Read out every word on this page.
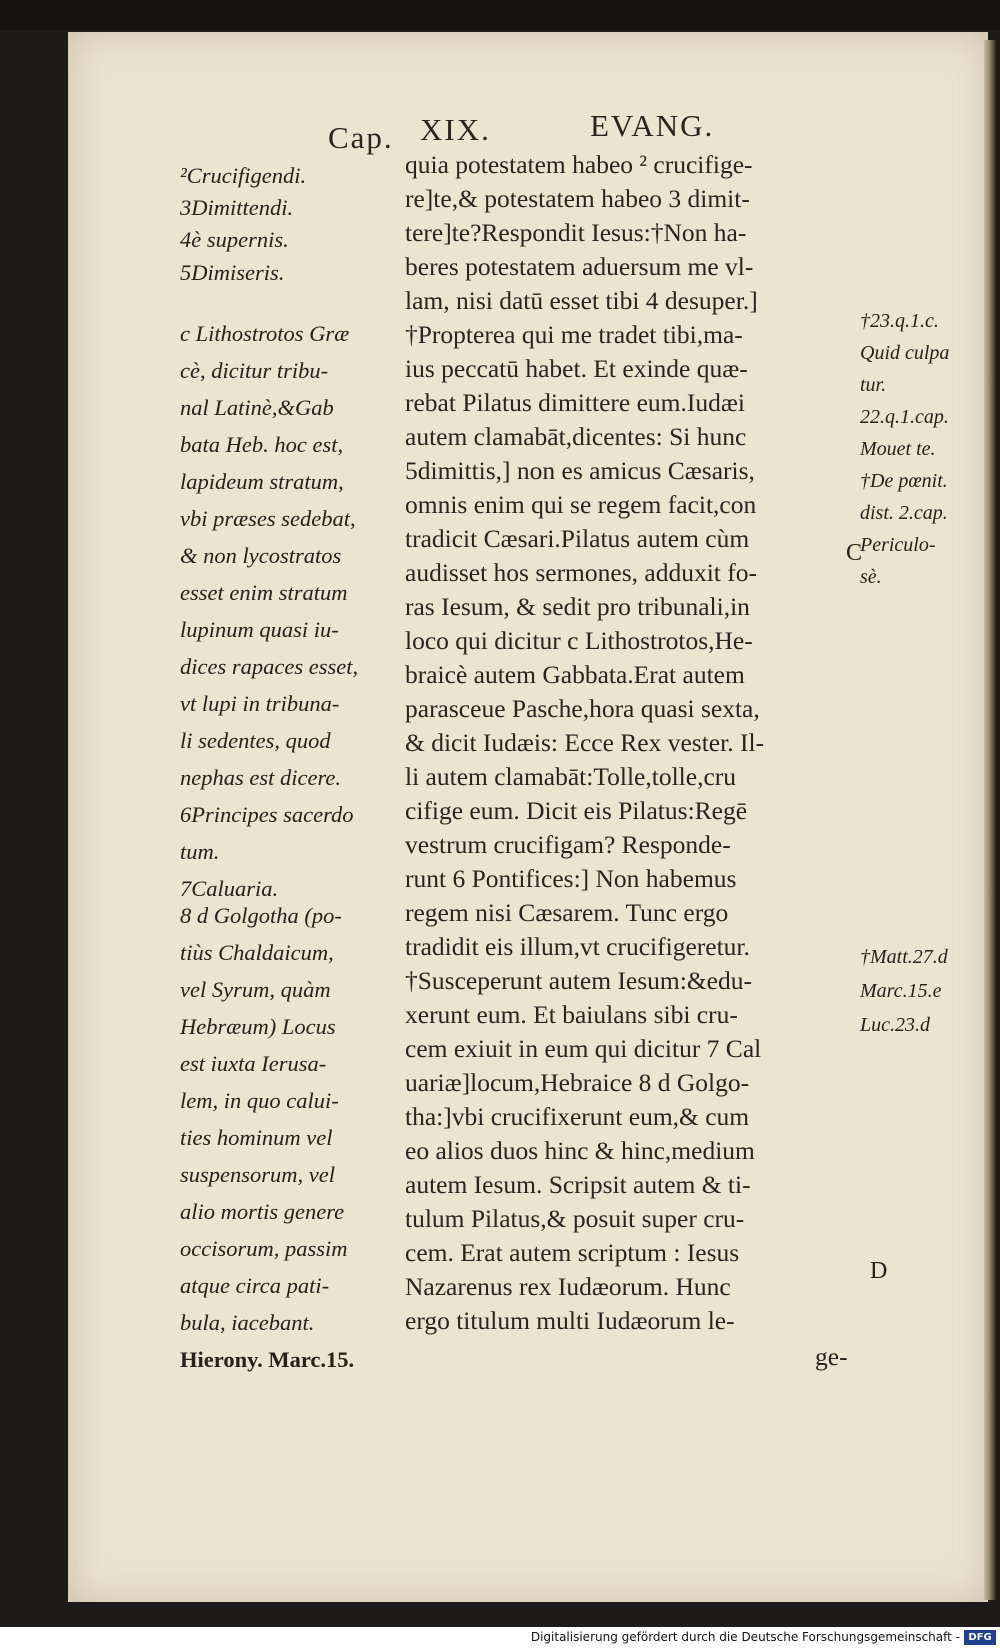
Cap. XIX.	EVANG.
²Crucifigendi.
3Dimittendi.
4è supernis.
5Dimiseris.
c Lithostrotos Græ
cè, dicitur tribu-
nal Latinè,&Gab
bata Heb. hoc est,
lapideum stratum,
vbi præses sedebat,
& non lycostratos
esset enim stratum
lupinum quasi iu-
dices rapaces esset,
vt lupi in tribuna-
li sedentes, quod
nephas est dicere.
6Principes sacerdo
tum.
7Caluaria.
8 d Golgotha (po-
tiùs Chaldaicum,
vel Syrum, quàm
Hebræum) Locus
est iuxta Ierusa-
lem, in quo calui-
ties hominum vel
suspensorum, vel
alio mortis genere
occisorum, passim
atque circa pati-
bula, iacebant.
Hierony. Marc.15.
quia potestatem habeo ² crucifige-
re]te,& potestatem habeo 3 dimit-
tere]te?Respondit Iesus:†Non ha-
beres potestatem aduersum me vl-
lam, nisi datū esset tibi 4 desuper.]
†Propterea qui me tradet tibi,ma-
ius peccatū habet. Et exinde quæ-
rebat Pilatus dimittere eum.Iudæi
autem clamabāt,dicentes: Si hunc
5dimittis,] non es amicus Cæsaris,
omnis enim qui se regem facit,con
tradicit Cæsari.Pilatus autem cùm
audisset hos sermones, adduxit fo-
ras Iesum, & sedit pro tribunali,in
loco qui dicitur c Lithostrotos,He-
braicè autem Gabbata.Erat autem
parasceue Pasche,hora quasi sexta,
& dicit Iudæis: Ecce Rex vester. Il-
li autem clamabāt:Tolle,tolle,cru
cifige eum. Dicit eis Pilatus:Regē
vestrum crucifigam? Responde-
runt 6 Pontifices:] Non habemus
regem nisi Cæsarem. Tunc ergo
tradidit eis illum,vt crucifigeretur.
†Susceperunt autem Iesum:&edu-
xerunt eum. Et baiulans sibi cru-
cem exiuit in eum qui dicitur 7 Cal
uariæ]locum,Hebraice 8 d Golgo-
tha:]vbi crucifixerunt eum,& cum
eo alios duos hinc & hinc,medium
autem Iesum. Scripsit autem & ti-
tulum Pilatus,& posuit super cru-
cem. Erat autem scriptum : Iesus
Nazarenus rex Iudæorum. Hunc
ergo titulum multi Iudæorum le-
ge-
†23.q.1.c.
Quid culpa
tur.
22.q.1.cap.
Mouet te.
†De pœnit.
dist. 2.cap.
Periculo-
sè.
†Matt.27.d
Marc.15.e
Luc.23.d
C
D
Digitalisierung gefördert durch die Deutsche Forschungsgemeinschaft - DFG
